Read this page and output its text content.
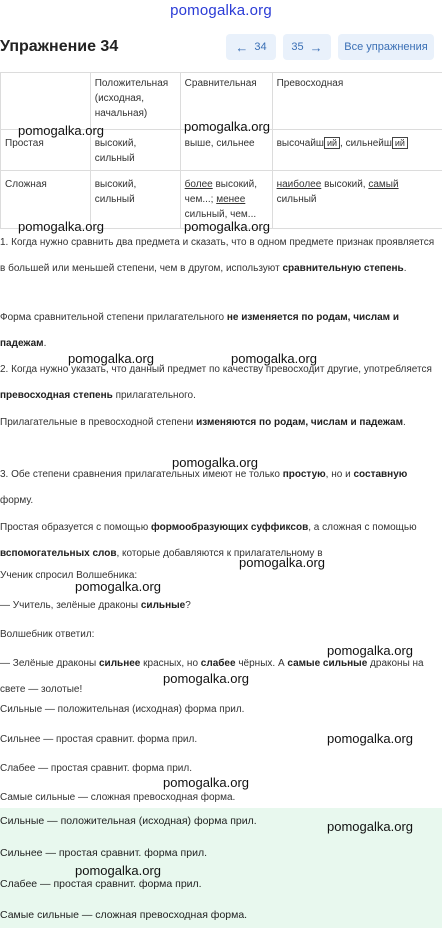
pomogalka.org
Упражнение 34	← 34 35 →	Все упражнения
	Положительная (исходная, начальная)	Сравнительная	Превосходная
Простая	высокий, сильный	выше, сильнее	высочайш ий , сильнейш ий
Сложная	высокий, сильный	более высокий,
чем...; менее
сильный, чем...	наиболее высокий, самый
сильный
1. Когда нужно сравнить два предмета и сказать, что в одном предмете признак проявляется в большей или меньшей степени, чем в другом, используют сравнительную степень.
Форма сравнительной степени прилагательного не изменяется по родам, числам и падежам.
2. Когда нужно указать, что данный предмет по качеству превосходит другие, употребляется превосходная степень прилагательного.
Прилагательные в превосходной степени изменяются по родам, числам и падежам.
3. Обе степени сравнения прилагательных имеют не только простую, но и составную форму.
Простая образуется с помощью формообразующих суффиксов, а сложная с помощью вспомогательных слов, которые добавляются к прилагательному в
Ученик спросил Волшебника:
— Учитель, зелёные драконы сильные?
Волшебник ответил:
— Зелёные драконы сильнее красных, но слабее чёрных. А самые сильные драконы на свете — золотые!
Сильные — положительная (исходная) форма прил.
Сильнее — простая сравнит. форма прил.
Слабее — простая сравнит. форма прил.
Самые сильные — сложная превосходная форма.
Сильные — положительная (исходная) форма прил.
Сильнее — простая сравнит. форма прил.
Слабее — простая сравнит. форма прил.
Самые сильные — сложная превосходная форма.
pomogalka.org	pomogalka.org
pomogalka.org	pomogalka.org
pomogalka.org	pomogalka.org
pomogalka.org
pomogalka.org
pomogalka.org
pomogalka.org
pomogalka.org
pomogalka.org
pomogalka.org
pomogalka.org
pomogalka.org
